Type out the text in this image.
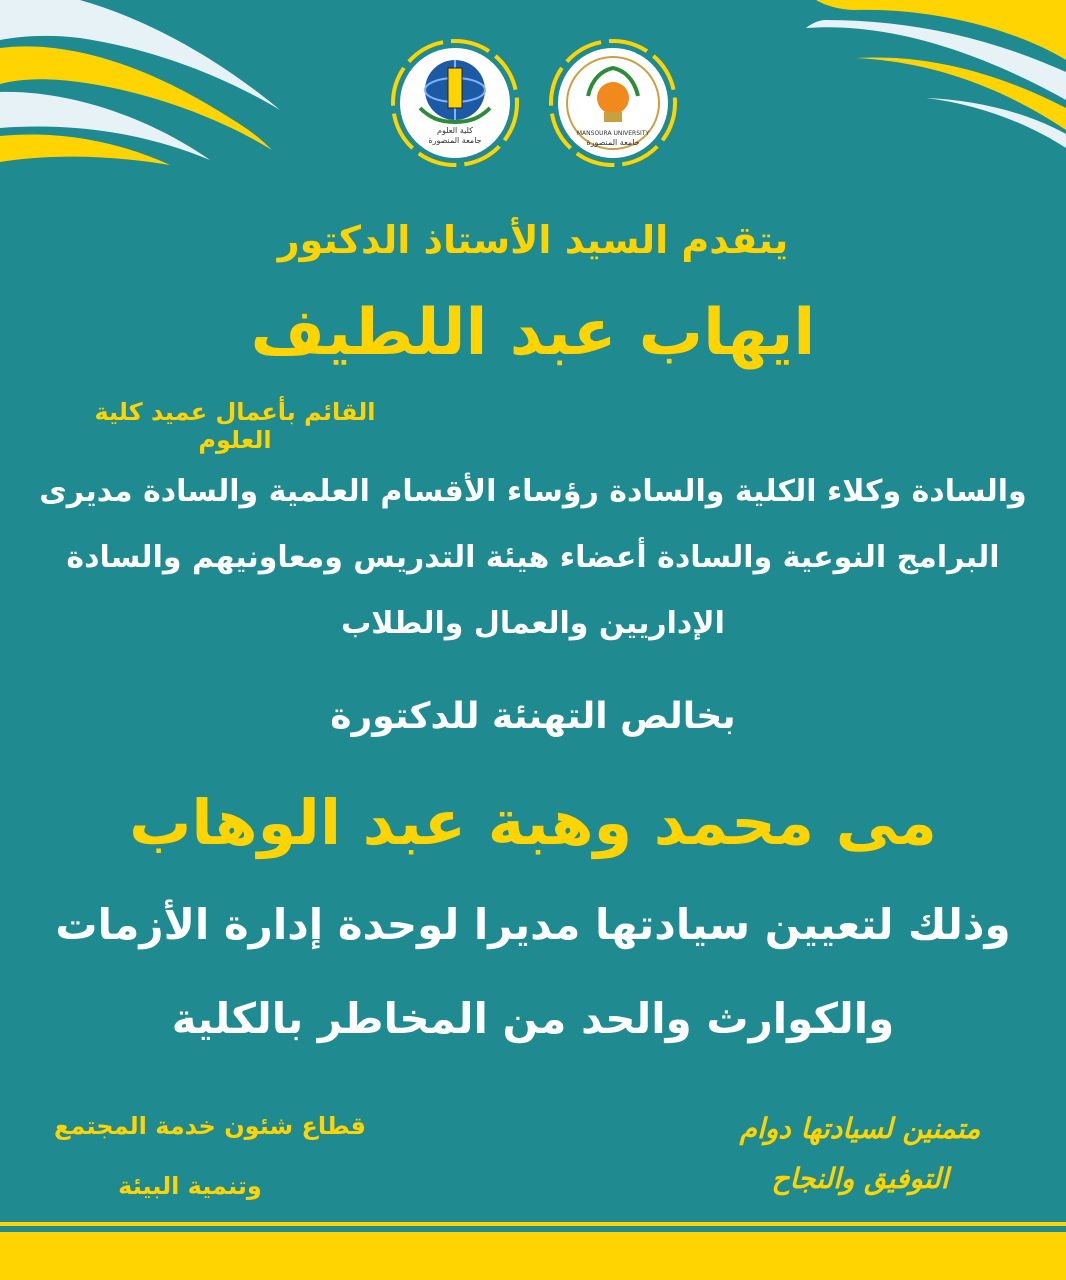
كلية العلوم
جامعة المنصورة
MANSOURA UNIVERSITY
جامعة المنصورة
يتقدم السيد الأستاذ الدكتور
ايهاب عبد اللطيف
القائم بأعمال عميد كلية العلوم
والسادة وكلاء الكلية والسادة رؤساء الأقسام العلمية والسادة مديرى
البرامج النوعية والسادة أعضاء هيئة التدريس ومعاونيهم والسادة
الإداريين والعمال والطلاب
بخالص التهنئة للدكتورة
مى محمد وهبة عبد الوهاب
وذلك لتعيين سيادتها مديرا لوحدة إدارة الأزمات
والكوارث والحد من المخاطر بالكلية
متمنين لسيادتها دوام
التوفيق والنجاح
قطاع شئون خدمة المجتمع
وتنمية البيئة
